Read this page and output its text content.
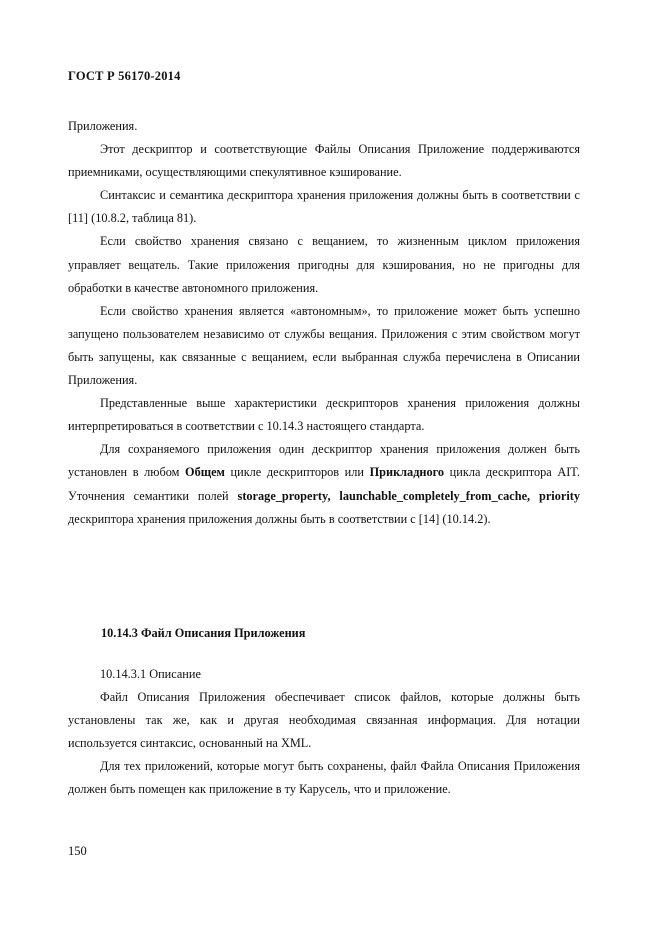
ГОСТ Р 56170-2014

Приложения.

Этот дескриптор и соответствующие Файлы Описания Приложение поддерживаются приемниками, осуществляющими спекулятивное кэширование.

Синтаксис и семантика дескриптора хранения приложения должны быть в соответствии с [11] (10.8.2, таблица 81).

Если свойство хранения связано с вещанием, то жизненным циклом приложения управляет вещатель. Такие приложения пригодны для кэширования, но не пригодны для обработки в качестве автономного приложения.

Если свойство хранения является «автономным», то приложение может быть успешно запущено пользователем независимо от службы вещания. Приложения с этим свойством могут быть запущены, как связанные с вещанием, если выбранная служба перечислена в Описании Приложения.

Представленные выше характеристики дескрипторов хранения приложения должны интерпретироваться в соответствии с 10.14.3 настоящего стандарта.

Для сохраняемого приложения один дескриптор хранения приложения должен быть установлен в любом Общем цикле дескрипторов или Прикладного цикла дескриптора AIT. Уточнения семантики полей storage_property, launchable_completely_from_cache, priority дескриптора хранения приложения должны быть в соответствии с [14] (10.14.2).

10.14.3 Файл Описания Приложения

10.14.3.1 Описание

Файл Описания Приложения обеспечивает список файлов, которые должны быть установлены так же, как и другая необходимая связанная информация. Для нотации используется синтаксис, основанный на XML.

Для тех приложений, которые могут быть сохранены, файл Файла Описания Приложения должен быть помещен как приложение в ту Карусель, что и приложение.

150
